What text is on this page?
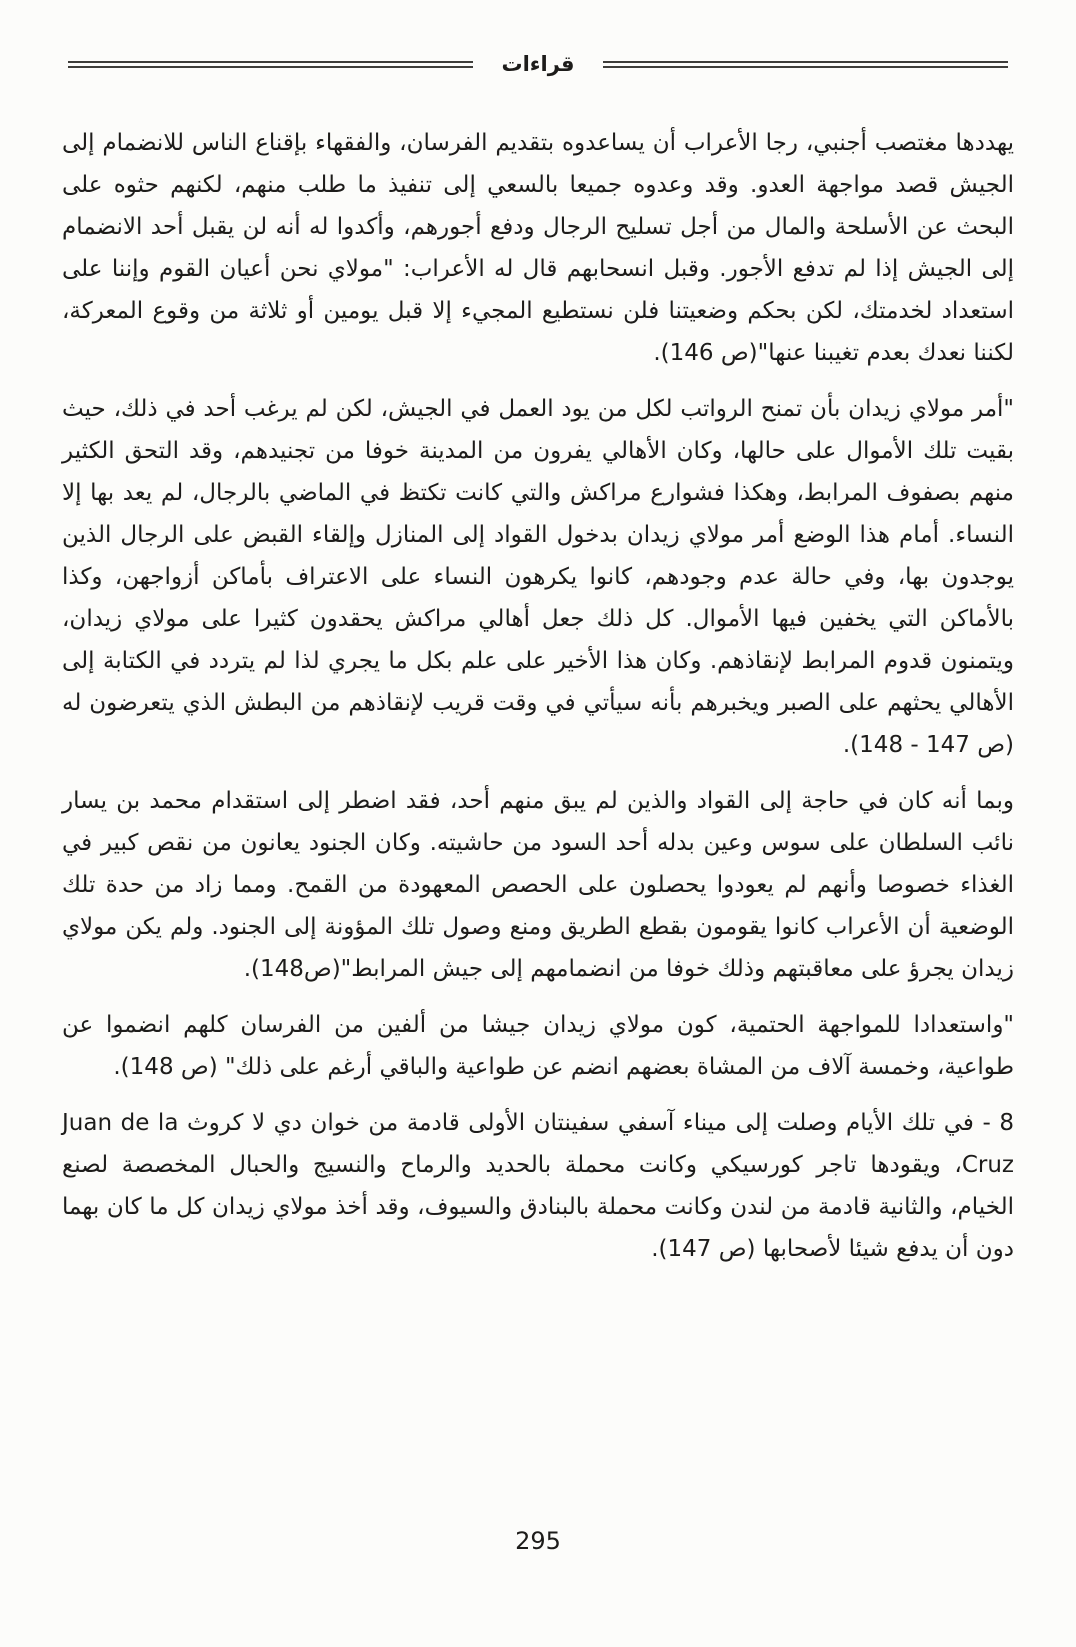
قراءات

يهددها مغتصب أجنبي، رجا الأعراب أن يساعدوه بتقديم الفرسان، والفقهاء بإقناع الناس للانضمام إلى الجيش قصد مواجهة العدو. وقد وعدوه جميعا بالسعي إلى تنفيذ ما طلب منهم، لكنهم حثوه على البحث عن الأسلحة والمال من أجل تسليح الرجال ودفع أجورهم، وأكدوا له أنه لن يقبل أحد الانضمام إلى الجيش إذا لم تدفع الأجور. وقبل انسحابهم قال له الأعراب: "مولاي نحن أعيان القوم وإننا على استعداد لخدمتك، لكن بحكم وضعيتنا فلن نستطيع المجيء إلا قبل يومين أو ثلاثة من وقوع المعركة، لكننا نعدك بعدم تغيبنا عنها"(ص 146).

"أمر مولاي زيدان بأن تمنح الرواتب لكل من يود العمل في الجيش، لكن لم يرغب أحد في ذلك، حيث بقيت تلك الأموال على حالها، وكان الأهالي يفرون من المدينة خوفا من تجنيدهم، وقد التحق الكثير منهم بصفوف المرابط، وهكذا فشوارع مراكش والتي كانت تكتظ في الماضي بالرجال، لم يعد بها إلا النساء. أمام هذا الوضع أمر مولاي زيدان بدخول القواد إلى المنازل وإلقاء القبض على الرجال الذين يوجدون بها، وفي حالة عدم وجودهم، كانوا يكرهون النساء على الاعتراف بأماكن أزواجهن، وكذا بالأماكن التي يخفين فيها الأموال. كل ذلك جعل أهالي مراكش يحقدون كثيرا على مولاي زيدان، ويتمنون قدوم المرابط لإنقاذهم. وكان هذا الأخير على علم بكل ما يجري لذا لم يتردد في الكتابة إلى الأهالي يحثهم على الصبر ويخبرهم بأنه سيأتي في وقت قريب لإنقاذهم من البطش الذي يتعرضون له (ص 147 - 148).

وبما أنه كان في حاجة إلى القواد والذين لم يبق منهم أحد، فقد اضطر إلى استقدام محمد بن يسار نائب السلطان على سوس وعين بدله أحد السود من حاشيته. وكان الجنود يعانون من نقص كبير في الغذاء خصوصا وأنهم لم يعودوا يحصلون على الحصص المعهودة من القمح. ومما زاد من حدة تلك الوضعية أن الأعراب كانوا يقومون بقطع الطريق ومنع وصول تلك المؤونة إلى الجنود. ولم يكن مولاي زيدان يجرؤ على معاقبتهم وذلك خوفا من انضمامهم إلى جيش المرابط"(ص148).

"واستعدادا للمواجهة الحتمية، كون مولاي زيدان جيشا من ألفين من الفرسان كلهم انضموا عن طواعية، وخمسة آلاف من المشاة بعضهم انضم عن طواعية والباقي أرغم على ذلك" (ص 148).

8 - في تلك الأيام وصلت إلى ميناء آسفي سفينتان الأولى قادمة من خوان دي لا كروث Juan de la Cruz، ويقودها تاجر كورسيكي وكانت محملة بالحديد والرماح والنسيج والحبال المخصصة لصنع الخيام، والثانية قادمة من لندن وكانت محملة بالبنادق والسيوف، وقد أخذ مولاي زيدان كل ما كان بهما دون أن يدفع شيئا لأصحابها (ص 147).

295
